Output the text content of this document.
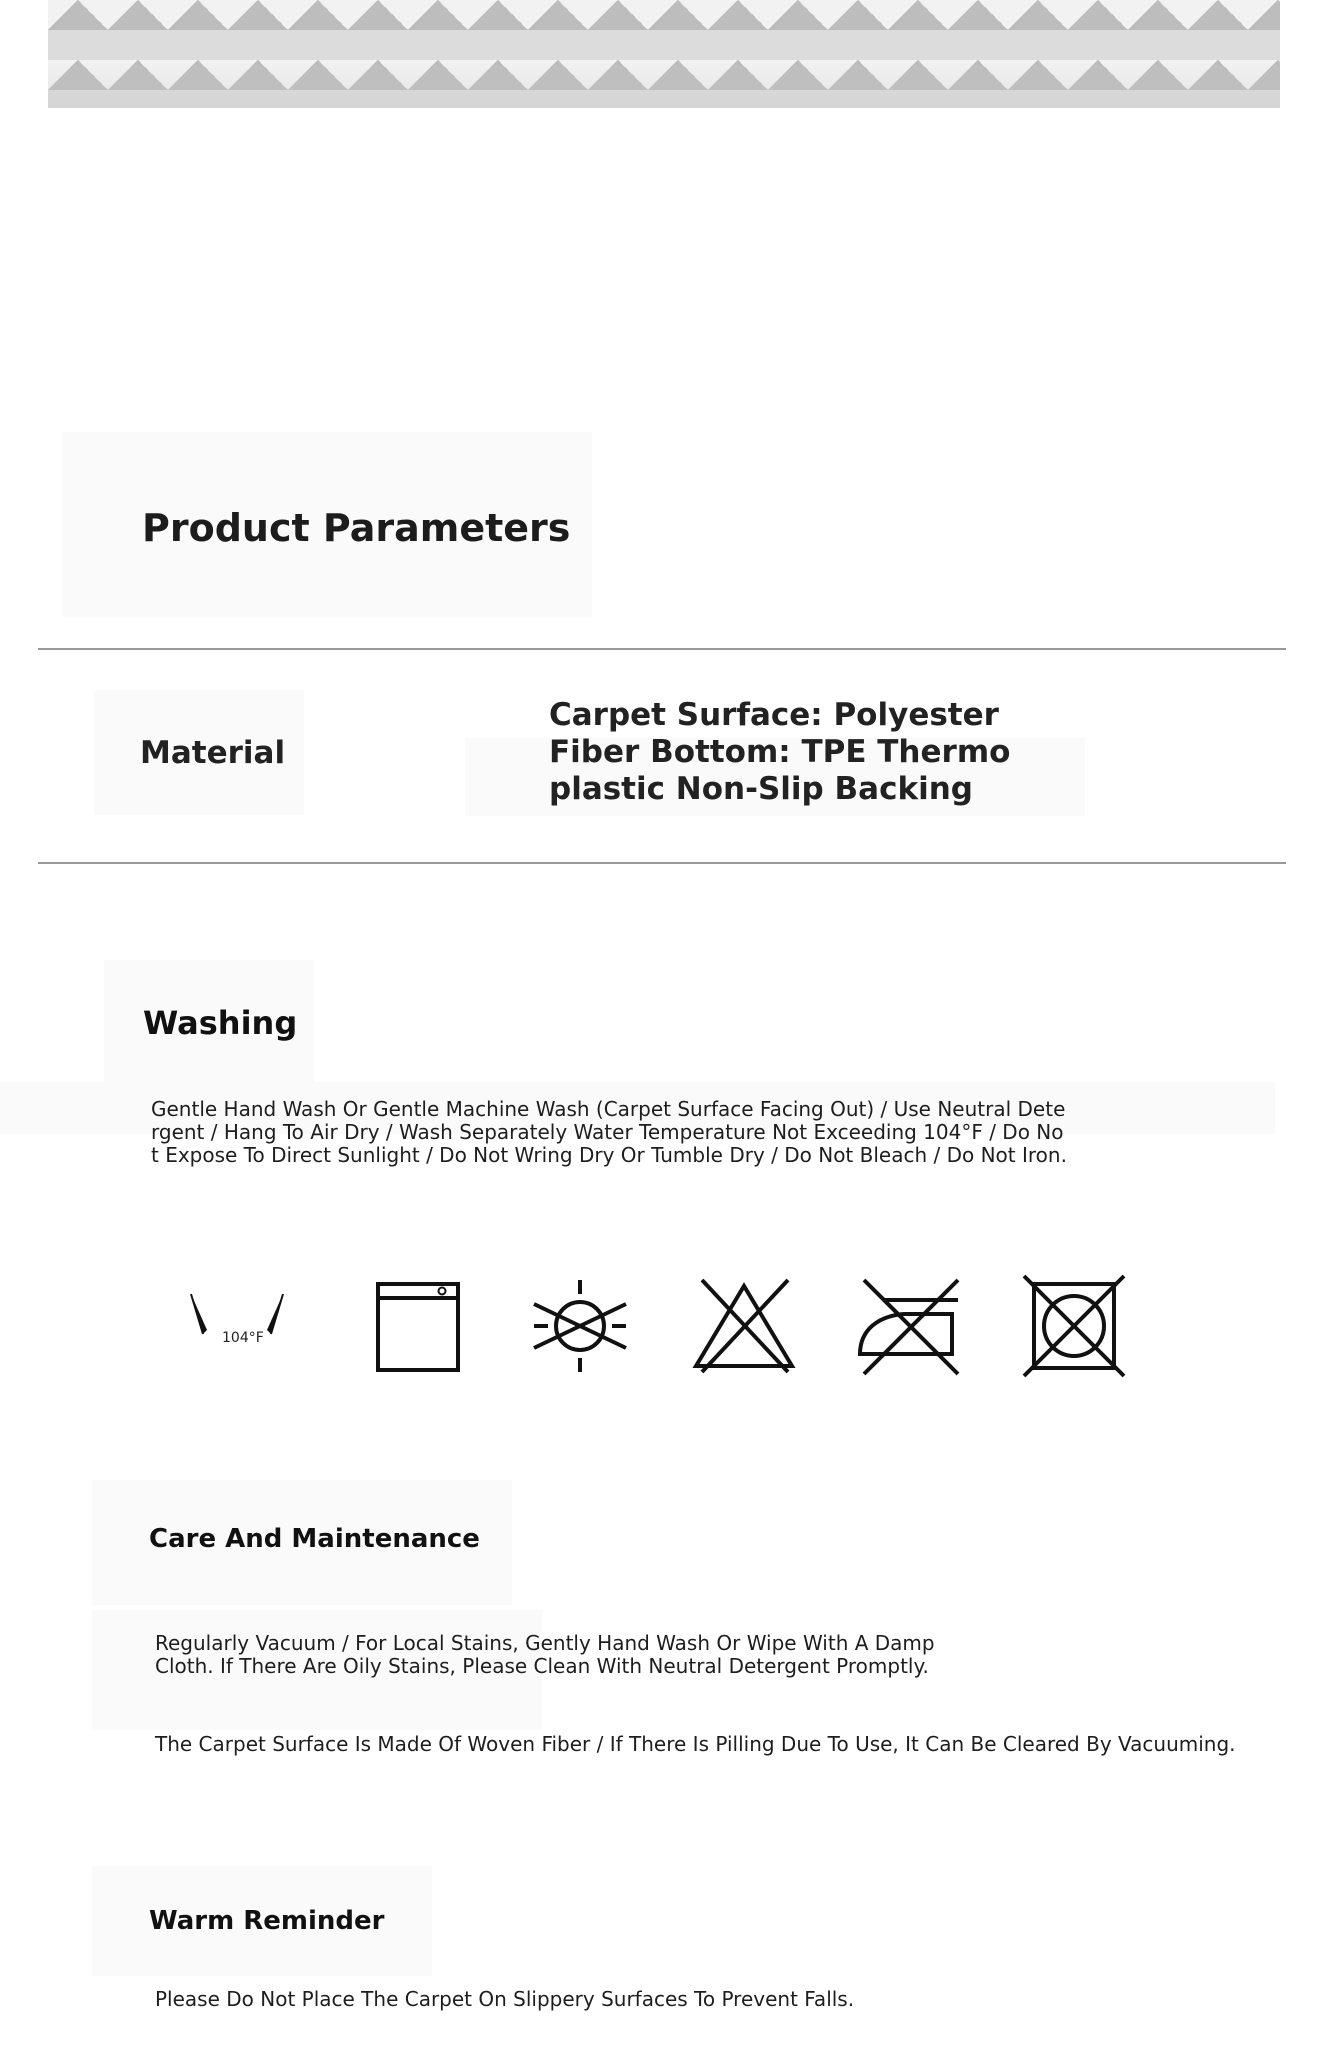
Product Parameters
Material
Carpet Surface: Polyester Fiber Bottom: TPE Thermoplastic Non-Slip Backing
Washing

Gentle Hand Wash Or Gentle Machine Wash (Carpet Surface Facing Out) / Use Neutral Detergent / Hang To Air Dry / Wash Separately Water Temperature Not Exceeding 104°F / Do Not Expose To Direct Sunlight / Do Not Wring Dry Or Tumble Dry / Do Not Bleach / Do Not Iron.

104°F
Care And Maintenance

Regularly Vacuum / For Local Stains, Gently Hand Wash Or Wipe With A Damp Cloth. If There Are Oily Stains, Please Clean With Neutral Detergent Promptly.

The Carpet Surface Is Made Of Woven Fiber / If There Is Pilling Due To Use, It Can Be Cleared By Vacuuming.

Warm Reminder

Please Do Not Place The Carpet On Slippery Surfaces To Prevent Falls.
